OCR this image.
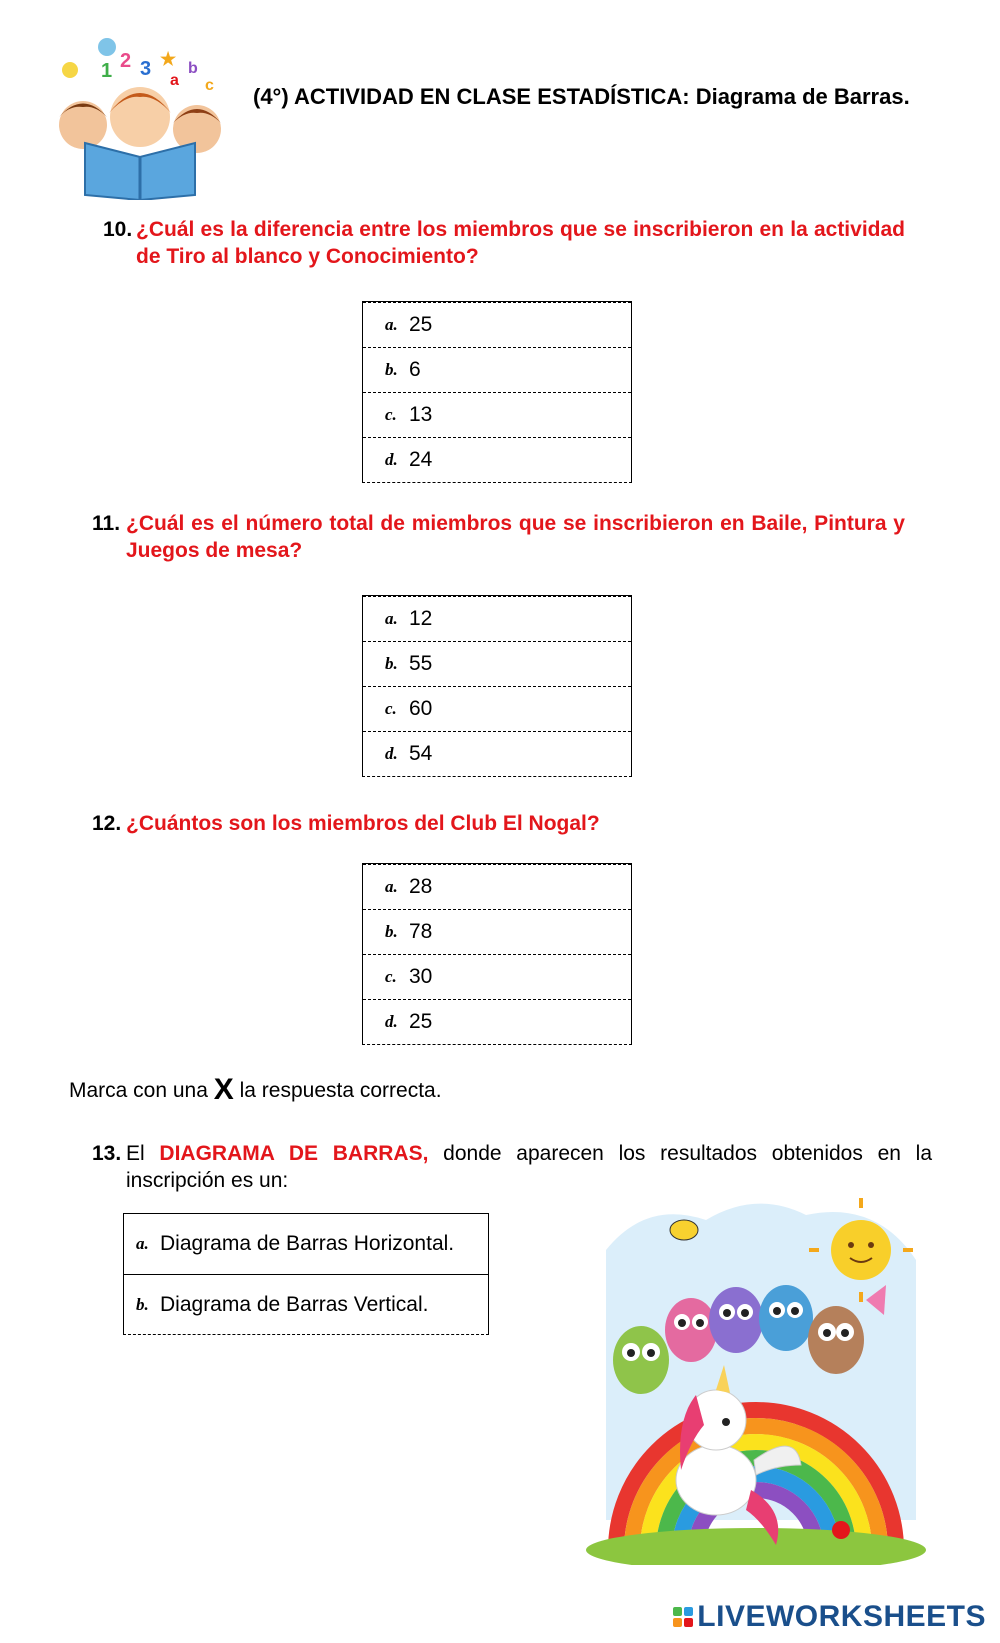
1 2 3 ★
a
b
c (4°) ACTIVIDAD EN CLASE ESTADÍSTICA: Diagrama de Barras.
10. ¿Cuál es la diferencia entre los miembros que se inscribieron en la actividad de Tiro al blanco y Conocimiento?
a. 25
b. 6
c. 13
d. 24
11. ¿Cuál es el número total de miembros que se inscribieron en Baile, Pintura y Juegos de mesa?
a. 12
b. 55
c. 60
d. 54
12. ¿Cuántos son los miembros del Club El Nogal?
a. 28
b. 78
c. 30
d. 25
Marca con una X la respuesta correcta.
13. El DIAGRAMA DE BARRAS, donde aparecen los resultados obtenidos en la inscripción es un:
a. Diagrama de Barras Horizontal.
b. Diagrama de Barras Vertical.
LIVEWORKSHEETS
